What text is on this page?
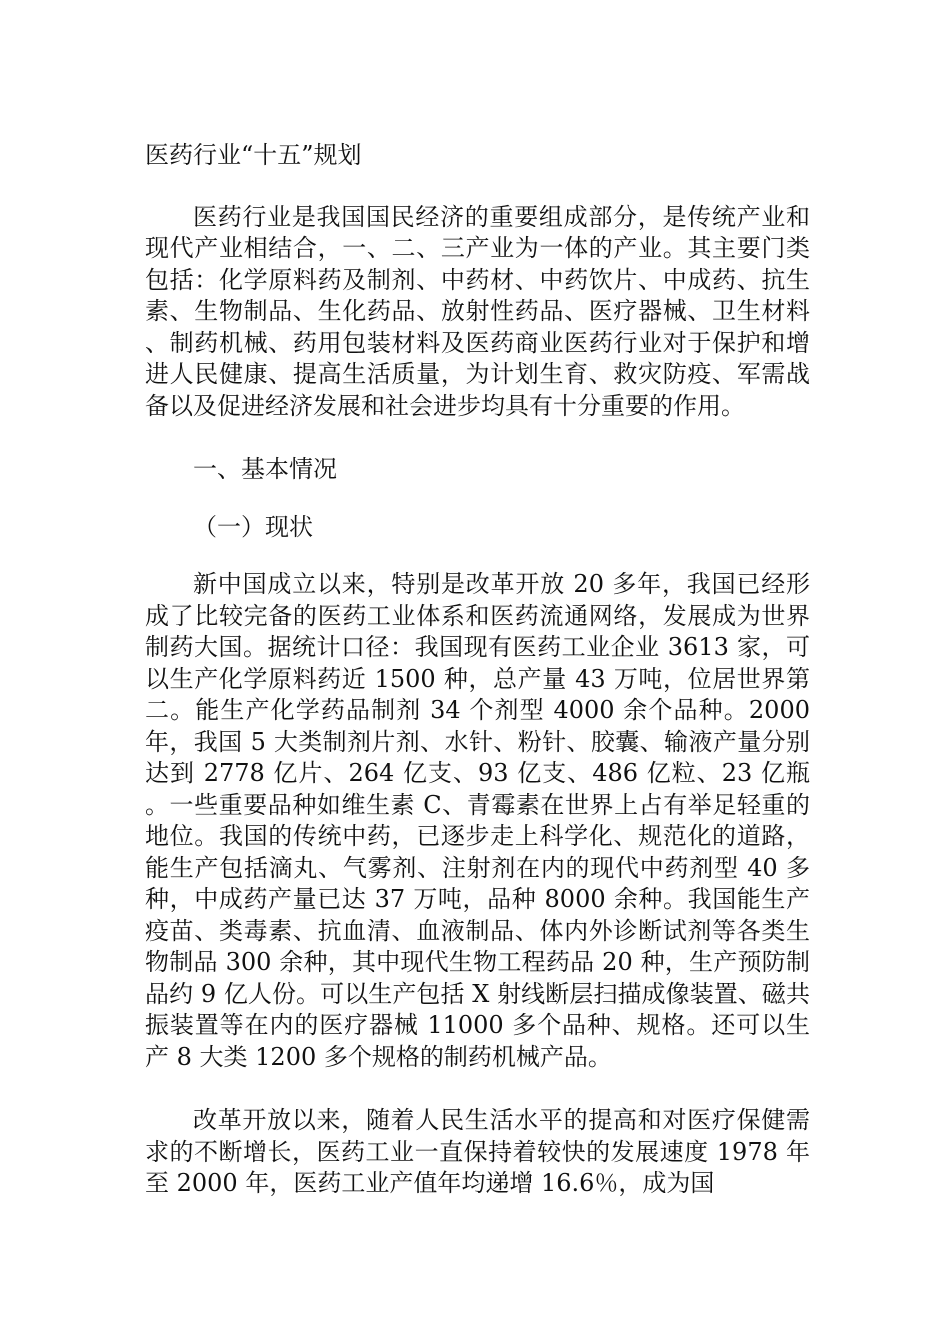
医药行业“十五”规划

医药行业是我国国民经济的重要组成部分，是传统产业和现代产业相结合，一、二、三产业为一体的产业。其主要门类包括：化学原料药及制剂、中药材、中药饮片、中成药、抗生素、生物制品、生化药品、放射性药品、医疗器械、卫生材料、制药机械、药用包装材料及医药商业医药行业对于保护和增进人民健康、提高生活质量，为计划生育、救灾防疫、军需战备以及促进经济发展和社会进步均具有十分重要的作用。

一、基本情况

（一）现状

新中国成立以来，特别是改革开放 20 多年，我国已经形成了比较完备的医药工业体系和医药流通网络，发展成为世界制药大国。据统计口径：我国现有医药工业企业 3613 家，可以生产化学原料药近 1500 种，总产量 43 万吨，位居世界第二。能生产化学药品制剂 34 个剂型 4000 余个品种。2000 年，我国 5 大类制剂片剂、水针、粉针、胶囊、输液产量分别达到 2778 亿片、264 亿支、93 亿支、486 亿粒、23 亿瓶。一些重要品种如维生素 C、青霉素在世界上占有举足轻重的地位。我国的传统中药，已逐步走上科学化、规范化的道路，能生产包括滴丸、气雾剂、注射剂在内的现代中药剂型 40 多种，中成药产量已达 37 万吨，品种 8000 余种。我国能生产疫苗、类毒素、抗血清、血液制品、体内外诊断试剂等各类生物制品 300 余种，其中现代生物工程药品 20 种，生产预防制品约 9 亿人份。可以生产包括 X 射线断层扫描成像装置、磁共振装置等在内的医疗器械 11000 多个品种、规格。还可以生产 8 大类 1200 多个规格的制药机械产品。

改革开放以来，随着人民生活水平的提高和对医疗保健需求的不断增长，医药工业一直保持着较快的发展速度 1978 年至 2000 年，医药工业产值年均递增 16.6％，成为国
